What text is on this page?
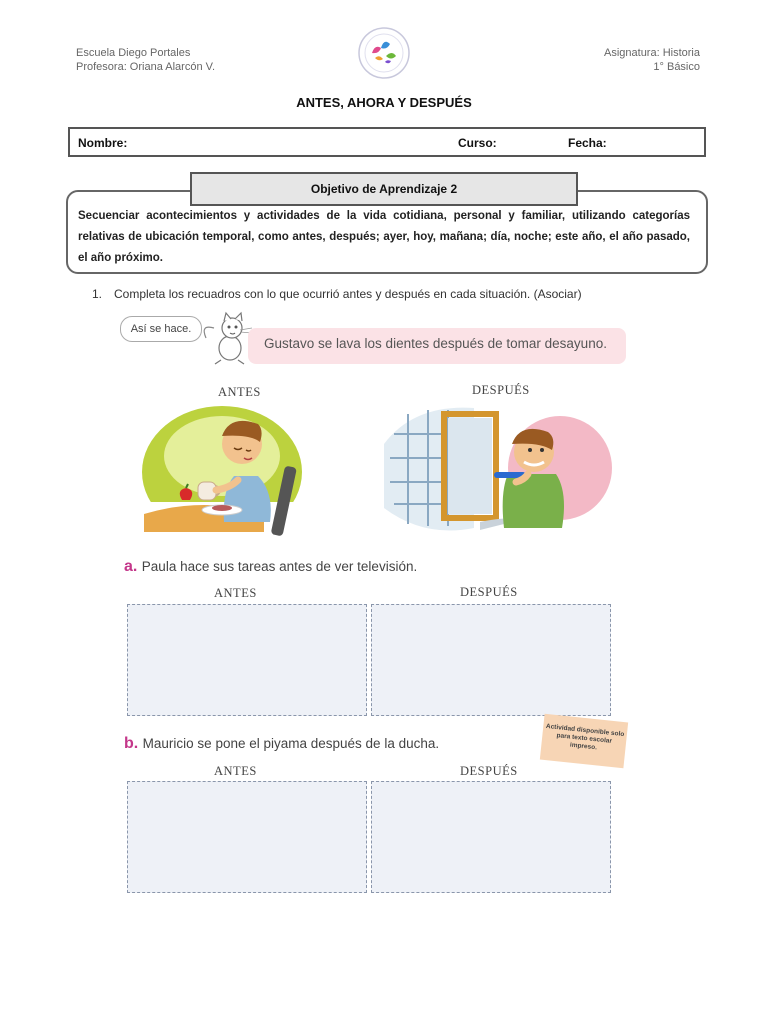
Escuela Diego Portales
Profesora: Oriana Alarcón V.
Asignatura: Historia
1° Básico
ANTES, AHORA Y DESPUÉS
Nombre:	Curso:	Fecha:
Objetivo de Aprendizaje 2
Secuenciar acontecimientos y actividades de la vida cotidiana, personal y familiar, utilizando categorías relativas de ubicación temporal, como antes, después; ayer, hoy, mañana; día, noche; este año, el año pasado, el año próximo.
1. Completa los recuadros con lo que ocurrió antes y después en cada situación. (Asociar)
Así se hace.
Gustavo se lava los dientes después de tomar desayuno.
ANTES	DESPUÉS
a. Paula hace sus tareas antes de ver televisión.
ANTES	DESPUÉS
Actividad disponible solo para texto escolar impreso.
b. Mauricio se pone el piyama después de la ducha.
ANTES	DESPUÉS
